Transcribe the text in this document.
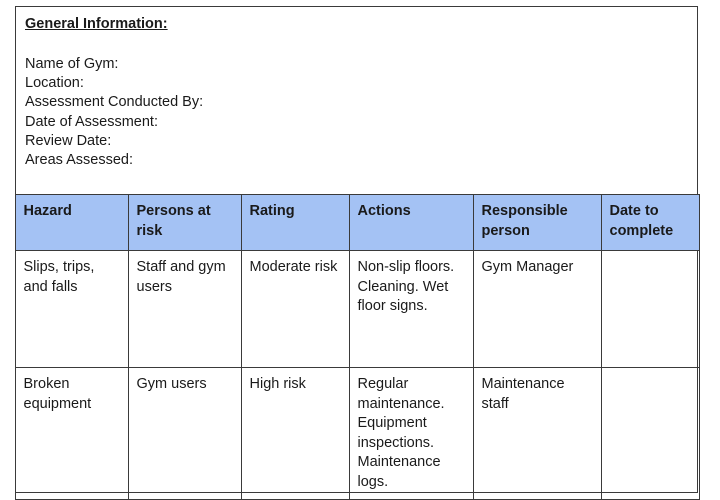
General Information:
Name of Gym:
Location:
Assessment Conducted By:
Date of Assessment:
Review Date:
Areas Assessed:
Hazard	Persons at risk	Rating	Actions	Responsible person	Date to complete
Slips, trips, and falls	Staff and gym users	Moderate risk	Non-slip floors. Cleaning. Wet floor signs.	Gym Manager	
Broken equipment	Gym users	High risk	Regular maintenance. Equipment inspections. Maintenance logs.	Maintenance staff	
